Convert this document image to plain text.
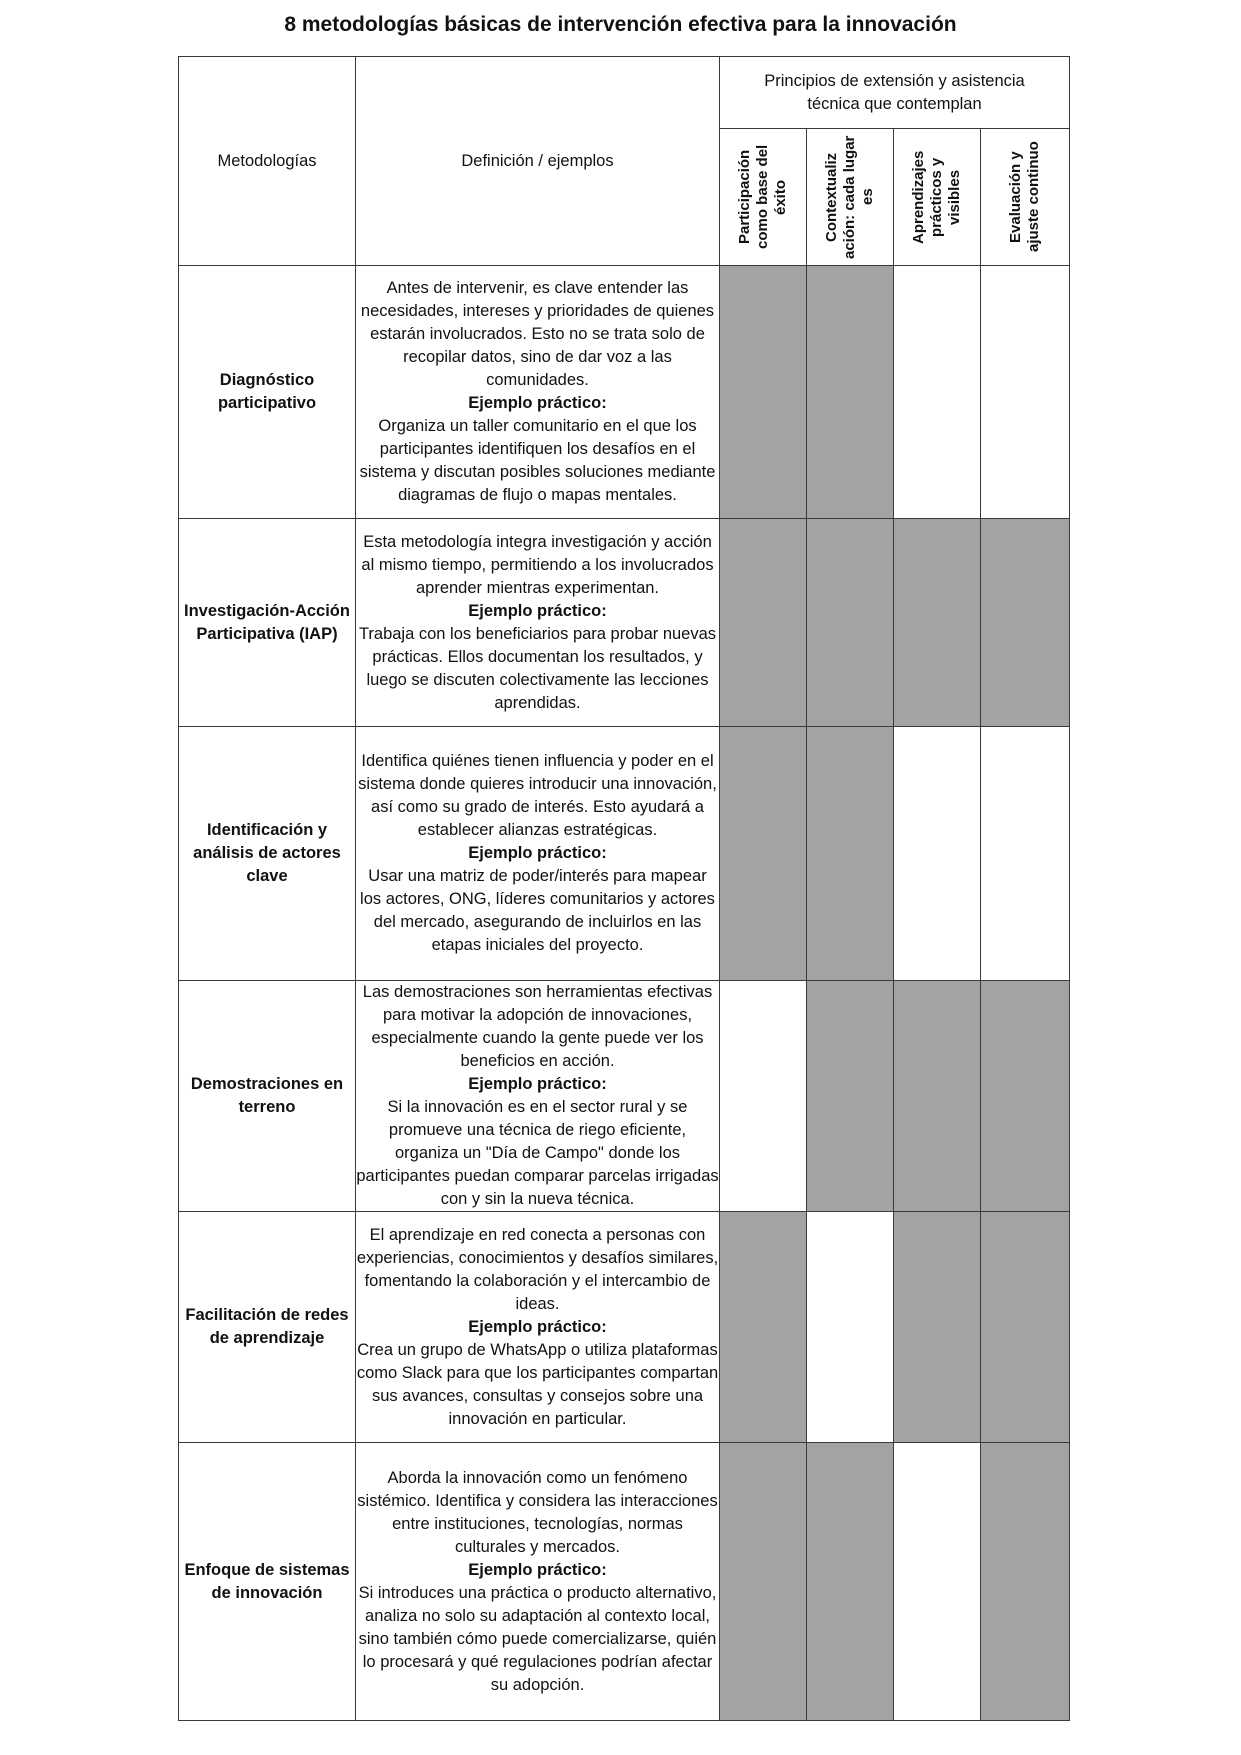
8 metodologías básicas de intervención efectiva para la innovación
Metodologías	Definición / ejemplos	Principios de extensión y asistencia técnica que contemplan			

		Participación como base del éxito	Contextualiz ación: cada lugar es	Aprendizajes prácticos y visibles	Evaluación y ajuste continuo

Diagnóstico participativo	Antes de intervenir, es clave entender las necesidades, intereses y prioridades de quienes estarán involucrados. Esto no se trata solo de recopilar datos, sino de dar voz a las comunidades.
Ejemplo práctico:
Organiza un taller comunitario en el que los participantes identifiquen los desafíos en el sistema y discutan posibles soluciones mediante diagramas de flujo o mapas mentales.				

Investigación-Acción Participativa (IAP)	Esta metodología integra investigación y acción al mismo tiempo, permitiendo a los involucrados aprender mientras experimentan.
Ejemplo práctico:
Trabaja con los beneficiarios para probar nuevas prácticas. Ellos documentan los resultados, y luego se discuten colectivamente las lecciones aprendidas.				

Identificación y análisis de actores clave	Identifica quiénes tienen influencia y poder en el sistema donde quieres introducir una innovación, así como su grado de interés. Esto ayudará a establecer alianzas estratégicas.
Ejemplo práctico:
Usar una matriz de poder/interés para mapear los actores, ONG, líderes comunitarios y actores del mercado, asegurando de incluirlos en las etapas iniciales del proyecto.				

Demostraciones en terreno	Las demostraciones son herramientas efectivas para motivar la adopción de innovaciones, especialmente cuando la gente puede ver los beneficios en acción.
Ejemplo práctico:
Si la innovación es en el sector rural y se promueve una técnica de riego eficiente, organiza un "Día de Campo" donde los participantes puedan comparar parcelas irrigadas con y sin la nueva técnica.				

Facilitación de redes de aprendizaje	El aprendizaje en red conecta a personas con experiencias, conocimientos y desafíos similares, fomentando la colaboración y el intercambio de ideas.
Ejemplo práctico:
Crea un grupo de WhatsApp o utiliza plataformas como Slack para que los participantes compartan sus avances, consultas y consejos sobre una innovación en particular.				

Enfoque de sistemas de innovación	Aborda la innovación como un fenómeno sistémico. Identifica y considera las interacciones entre instituciones, tecnologías, normas culturales y mercados.
Ejemplo práctico:
Si introduces una práctica o producto alternativo, analiza no solo su adaptación al contexto local, sino también cómo puede comercializarse, quién lo procesará y qué regulaciones podrían afectar su adopción.				
